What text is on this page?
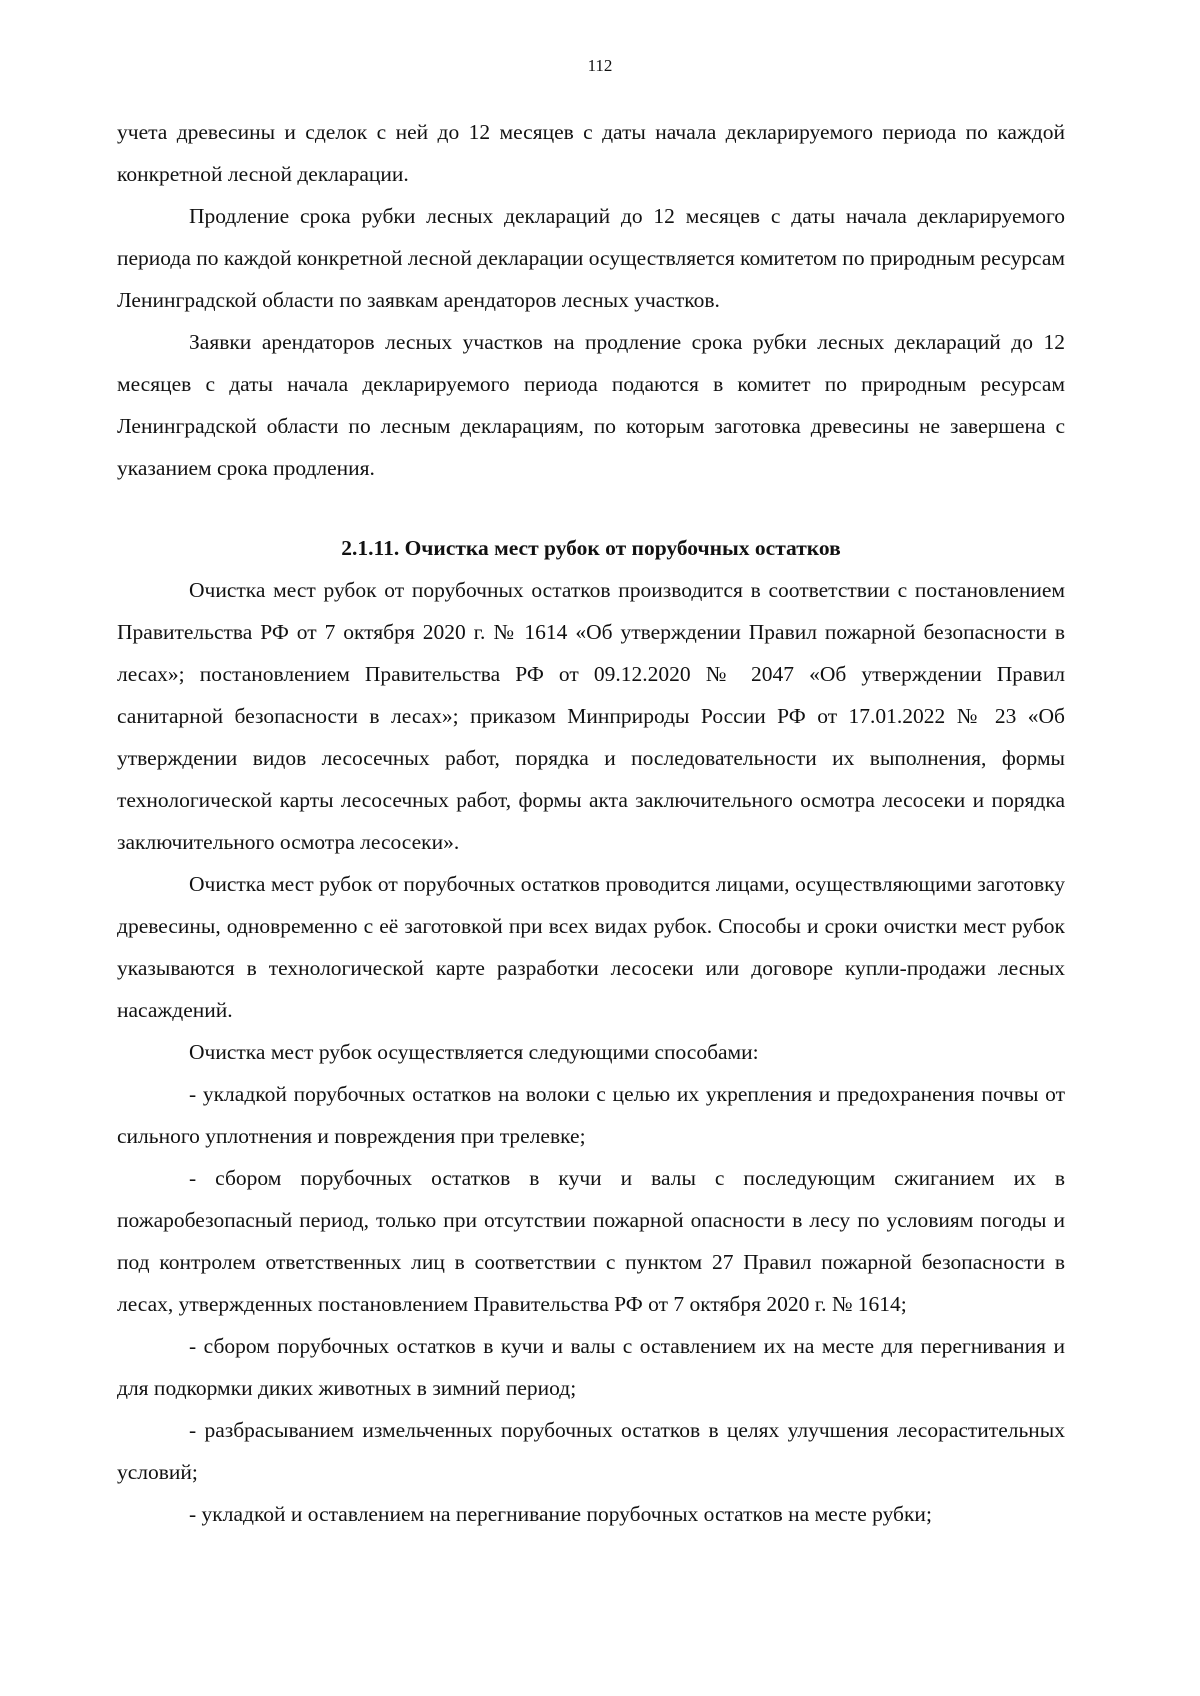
112

учета древесины и сделок с ней до 12 месяцев с даты начала декларируемого периода по каждой конкретной лесной декларации.

Продление срока рубки лесных деклараций до 12 месяцев с даты начала декларируемого периода по каждой конкретной лесной декларации осуществляется комитетом по природным ресурсам Ленинградской области по заявкам арендаторов лесных участков.

Заявки арендаторов лесных участков на продление срока рубки лесных деклараций до 12 месяцев с даты начала декларируемого периода подаются в комитет по природным ресурсам Ленинградской области по лесным декларациям, по которым заготовка древесины не завершена с указанием срока продления.

2.1.11. Очистка мест рубок от порубочных остатков

Очистка мест рубок от порубочных остатков производится в соответствии с постановлением Правительства РФ от 7 октября 2020 г. № 1614 «Об утверждении Правил пожарной безопасности в лесах»; постановлением Правительства РФ от 09.12.2020 № 2047 «Об утверждении Правил санитарной безопасности в лесах»; приказом Минприроды России РФ от 17.01.2022 № 23 «Об утверждении видов лесосечных работ, порядка и последовательности их выполнения, формы технологической карты лесосечных работ, формы акта заключительного осмотра лесосеки и порядка заключительного осмотра лесосеки».

Очистка мест рубок от порубочных остатков проводится лицами, осуществляющими заготовку древесины, одновременно с её заготовкой при всех видах рубок. Способы и сроки очистки мест рубок указываются в технологической карте разработки лесосеки или договоре купли-продажи лесных насаждений.

Очистка мест рубок осуществляется следующими способами:

- укладкой порубочных остатков на волоки с целью их укрепления и предохранения почвы от сильного уплотнения и повреждения при трелевке;

- сбором порубочных остатков в кучи и валы с последующим сжиганием их в пожаробезопасный период, только при отсутствии пожарной опасности в лесу по условиям погоды и под контролем ответственных лиц в соответствии с пунктом 27 Правил пожарной безопасности в лесах, утвержденных постановлением Правительства РФ от 7 октября 2020 г. № 1614;

- сбором порубочных остатков в кучи и валы с оставлением их на месте для перегнивания и для подкормки диких животных в зимний период;

- разбрасыванием измельченных порубочных остатков в целях улучшения лесорастительных условий;

- укладкой и оставлением на перегнивание порубочных остатков на месте рубки;
